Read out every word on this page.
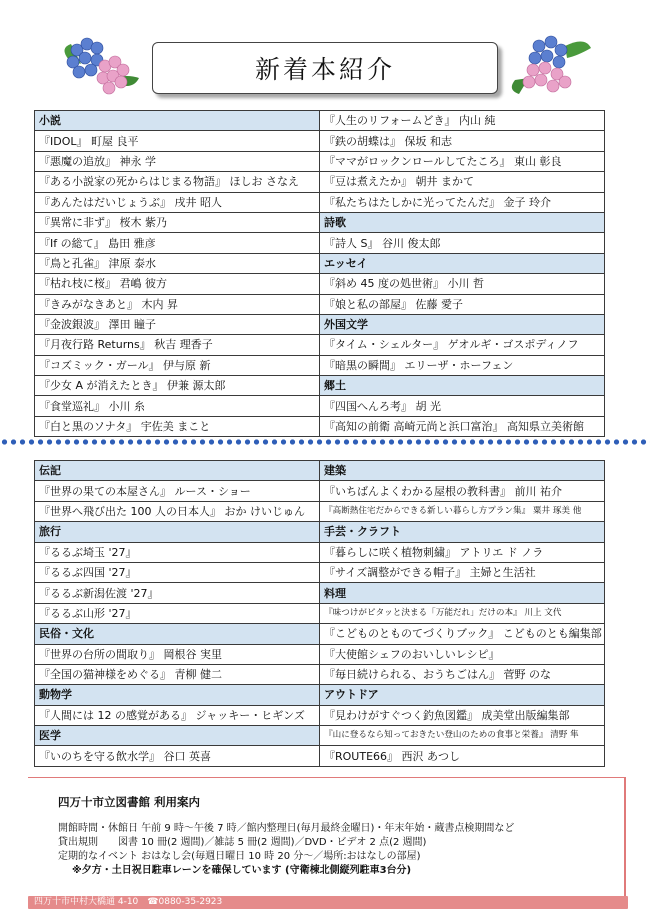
新着本紹介
小説	『人生のリフォームどき』 内山 純
『IDOL』 町屋 良平	『鉄の胡蝶は』 保坂 和志
『悪魔の追放』 神永 学	『ママがロックンロールしてたころ』 東山 彰良
『ある小説家の死からはじまる物語』 ほしお さなえ	『豆は煮えたか』 朝井 まかて
『あんたはだいじょうぶ』 戌井 昭人	『私たちはたしかに光ってたんだ』 金子 玲介
『異常に非ず』 桜木 紫乃	詩歌
『If の総て』 島田 雅彦	『詩人 S』 谷川 俊太郎
『鳥と孔雀』 津原 泰水	エッセイ
『枯れ枝に桜』 君嶋 彼方	『斜め 45 度の処世術』 小川 哲
『きみがなきあと』 木内 昇	『娘と私の部屋』 佐藤 愛子
『金波銀波』 澤田 瞳子	外国文学
『月夜行路 Returns』 秋吉 理香子	『タイム・シェルター』 ゲオルギ・ゴスポディノフ
『コズミック・ガール』 伊与原 新	『暗黒の瞬間』 エリーザ・ホーフェン
『少女 A が消えたとき』 伊兼 源太郎	郷土
『食堂巡礼』 小川 糸	『四国へんろ考』 胡 光
『白と黒のソナタ』 宇佐美 まこと	『高知の前衛 高崎元尚と浜口富治』 高知県立美術館
伝記	建築
『世界の果ての本屋さん』 ルース・ショー	『いちばんよくわかる屋根の教科書』 前川 祐介
『世界へ飛び出た 100 人の日本人』 おか けいじゅん	『高断熱住宅だからできる新しい暮らし方プラン集』 粟井 琢美 他
旅行	手芸・クラフト
『るるぶ埼玉 '27』	『暮らしに咲く植物刺繍』 アトリエ ド ノラ
『るるぶ四国 '27』	『サイズ調整ができる帽子』 主婦と生活社
『るるぶ新潟佐渡 '27』	料理
『るるぶ山形 '27』	『味つけがピタッと決まる「万能だれ」だけの本』 川上 文代
民俗・文化	『こどものとものてづくりブック』 こどものとも編集部
『世界の台所の間取り』 岡根谷 実里	『大使館シェフのおいしいレシピ』
『全国の猫神様をめぐる』 青柳 健二	『毎日続けられる、おうちごはん』 菅野 のな
動物学	アウトドア
『人間には 12 の感覚がある』 ジャッキー・ヒギンズ	『見わけがすぐつく釣魚図鑑』 成美堂出版編集部
医学	『山に登るなら知っておきたい登山のための食事と栄養』 清野 隼
『いのちを守る飲水学』 谷口 英喜	『ROUTE66』 西沢 あつし
四万十市立図書館 利用案内
開館時間・休館日 午前 9 時～午後 7 時／館内整理日(毎月最終金曜日)・年末年始・蔵書点検期間など
貸出規則　　図書 10 冊(2 週間)／雑誌 5 冊(2 週間)／DVD・ビデオ 2 点(2 週間)
定期的なイベント おはなし会(毎週日曜日 10 時 20 分～／場所:おはなしの部屋)
※夕方・土日祝日駐車レーンを確保しています (守衛棟北側縦列駐車3台分)
四万十市中村大橋通 4-10　☎0880-35-2923
